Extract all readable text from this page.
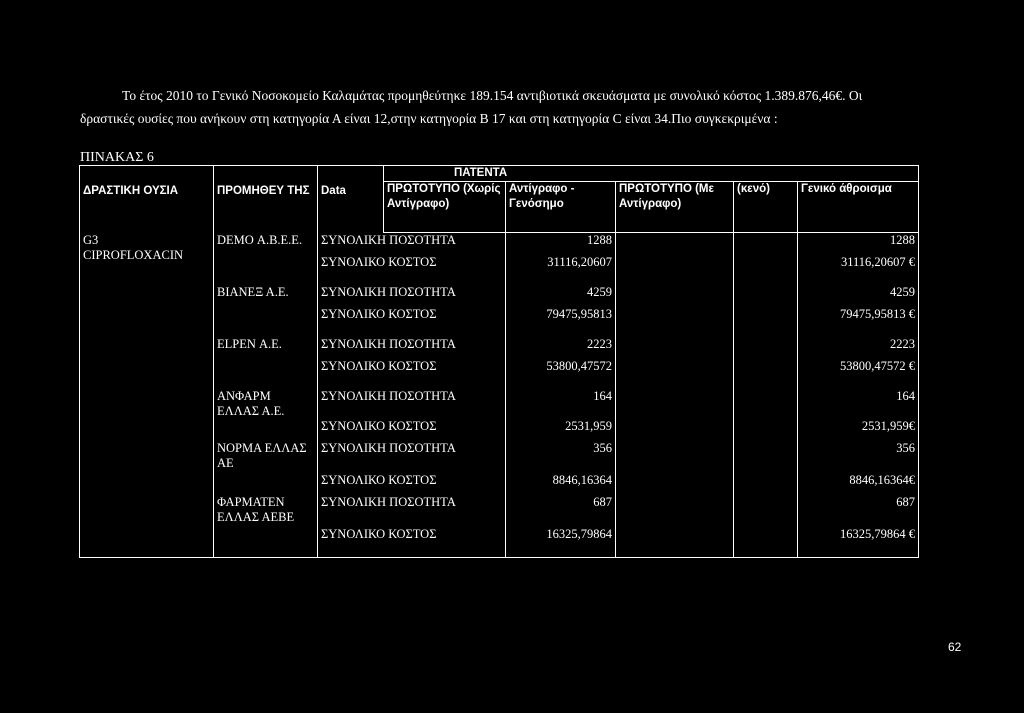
Το έτος 2010 το Γενικό Νοσοκομείο Καλαμάτας προμηθεύτηκε 189.154 αντιβιοτικά σκευάσματα με συνολικό κόστος 1.389.876,46€. Οι

δραστικές ουσίες που ανήκουν στη κατηγορία Α είναι 12,στην κατηγορία Β 17 και στη κατηγορία C είναι 34.Πιο συγκεκριμένα :

ΠΙΝΑΚΑΣ 6
ΔΡΑΣΤΙΚΗ ΟΥΣΙΑ	ΠΡΟΜΗΘΕΥ ΤΗΣ	Data	ΠΑΤΕΝΤΑ				
			ΠΡΩΤΟΤΥΠΟ (Χωρίς Αντίγραφο)	Αντίγραφο - Γενόσημο	ΠΡΩΤΟΤΥΠΟ (Με Αντίγραφο)	(κενό)	Γενικό άθροισμα

G3
CIPROFLOXACIN	DEMO Α.Β.Ε.Ε.	ΣΥΝΟΛΙΚΗ ΠΟΣΟΤΗΤΑ		1288			1288
		ΣΥΝΟΛΙΚΟ ΚΟΣΤΟΣ		31116,20607			31116,20607 €
	ΒΙΑΝΕΞ Α.Ε.	ΣΥΝΟΛΙΚΗ ΠΟΣΟΤΗΤΑ		4259			4259
		ΣΥΝΟΛΙΚΟ ΚΟΣΤΟΣ		79475,95813			79475,95813 €
	ELPEN Α.Ε.	ΣΥΝΟΛΙΚΗ ΠΟΣΟΤΗΤΑ		2223			2223
		ΣΥΝΟΛΙΚΟ ΚΟΣΤΟΣ		53800,47572			53800,47572 €
	ΑΝΦΑΡΜ ΕΛΛΑΣ Α.Ε.	ΣΥΝΟΛΙΚΗ ΠΟΣΟΤΗΤΑ		164			164
		ΣΥΝΟΛΙΚΟ ΚΟΣΤΟΣ		2531,959			2531,959€
	ΝΟΡΜΑ ΕΛΛΑΣ ΑΕ	ΣΥΝΟΛΙΚΗ ΠΟΣΟΤΗΤΑ		356			356
		ΣΥΝΟΛΙΚΟ ΚΟΣΤΟΣ		8846,16364			8846,16364€
	ΦΑΡΜΑΤΕΝ ΕΛΛΑΣ ΑΕΒΕ	ΣΥΝΟΛΙΚΗ ΠΟΣΟΤΗΤΑ		687			687
		ΣΥΝΟΛΙΚΟ ΚΟΣΤΟΣ		16325,79864			16325,79864 €
62
